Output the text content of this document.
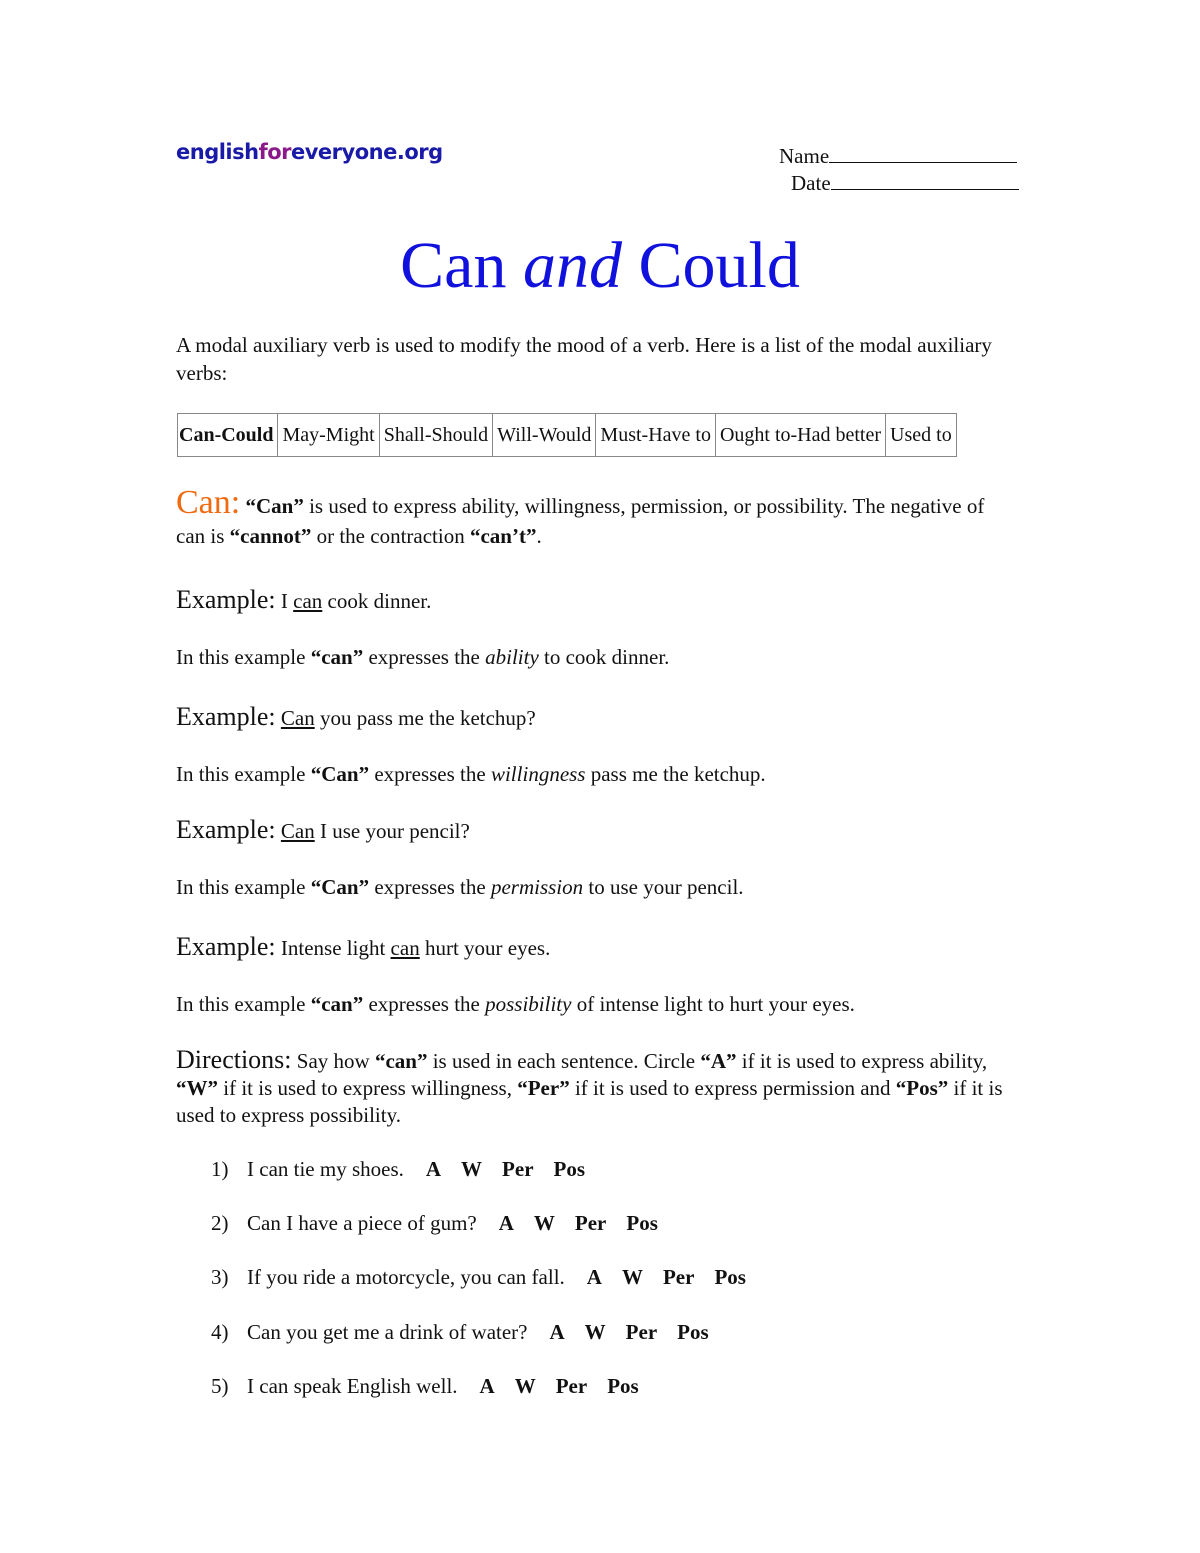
englishforeveryone.org	Name
Date
Can and Could
A modal auxiliary verb is used to modify the mood of a verb. Here is a list of the modal auxiliary verbs:
Can-Could	May-Might	Shall-Should	Will-Would	Must-Have to	Ought to-Had better	Used to
Can: “Can” is used to express ability, willingness, permission, or possibility. The negative of can is “cannot” or the contraction “can’t”.
Example: I can cook dinner.
In this example “can” expresses the ability to cook dinner.
Example: Can you pass me the ketchup?
In this example “Can” expresses the willingness pass me the ketchup.
Example: Can I use your pencil?
In this example “Can” expresses the permission to use your pencil.
Example: Intense light can hurt your eyes.
In this example “can” expresses the possibility of intense light to hurt your eyes.
Directions: Say how “can” is used in each sentence. Circle “A” if it is used to express ability, “W” if it is used to express willingness, “Per” if it is used to express permission and “Pos” if it is used to express possibility.
1) I can tie my shoes. A W Per Pos
2) Can I have a piece of gum? A W Per Pos
3) If you ride a motorcycle, you can fall. A W Per Pos
4) Can you get me a drink of water? A W Per Pos
5) I can speak English well. A W Per Pos
